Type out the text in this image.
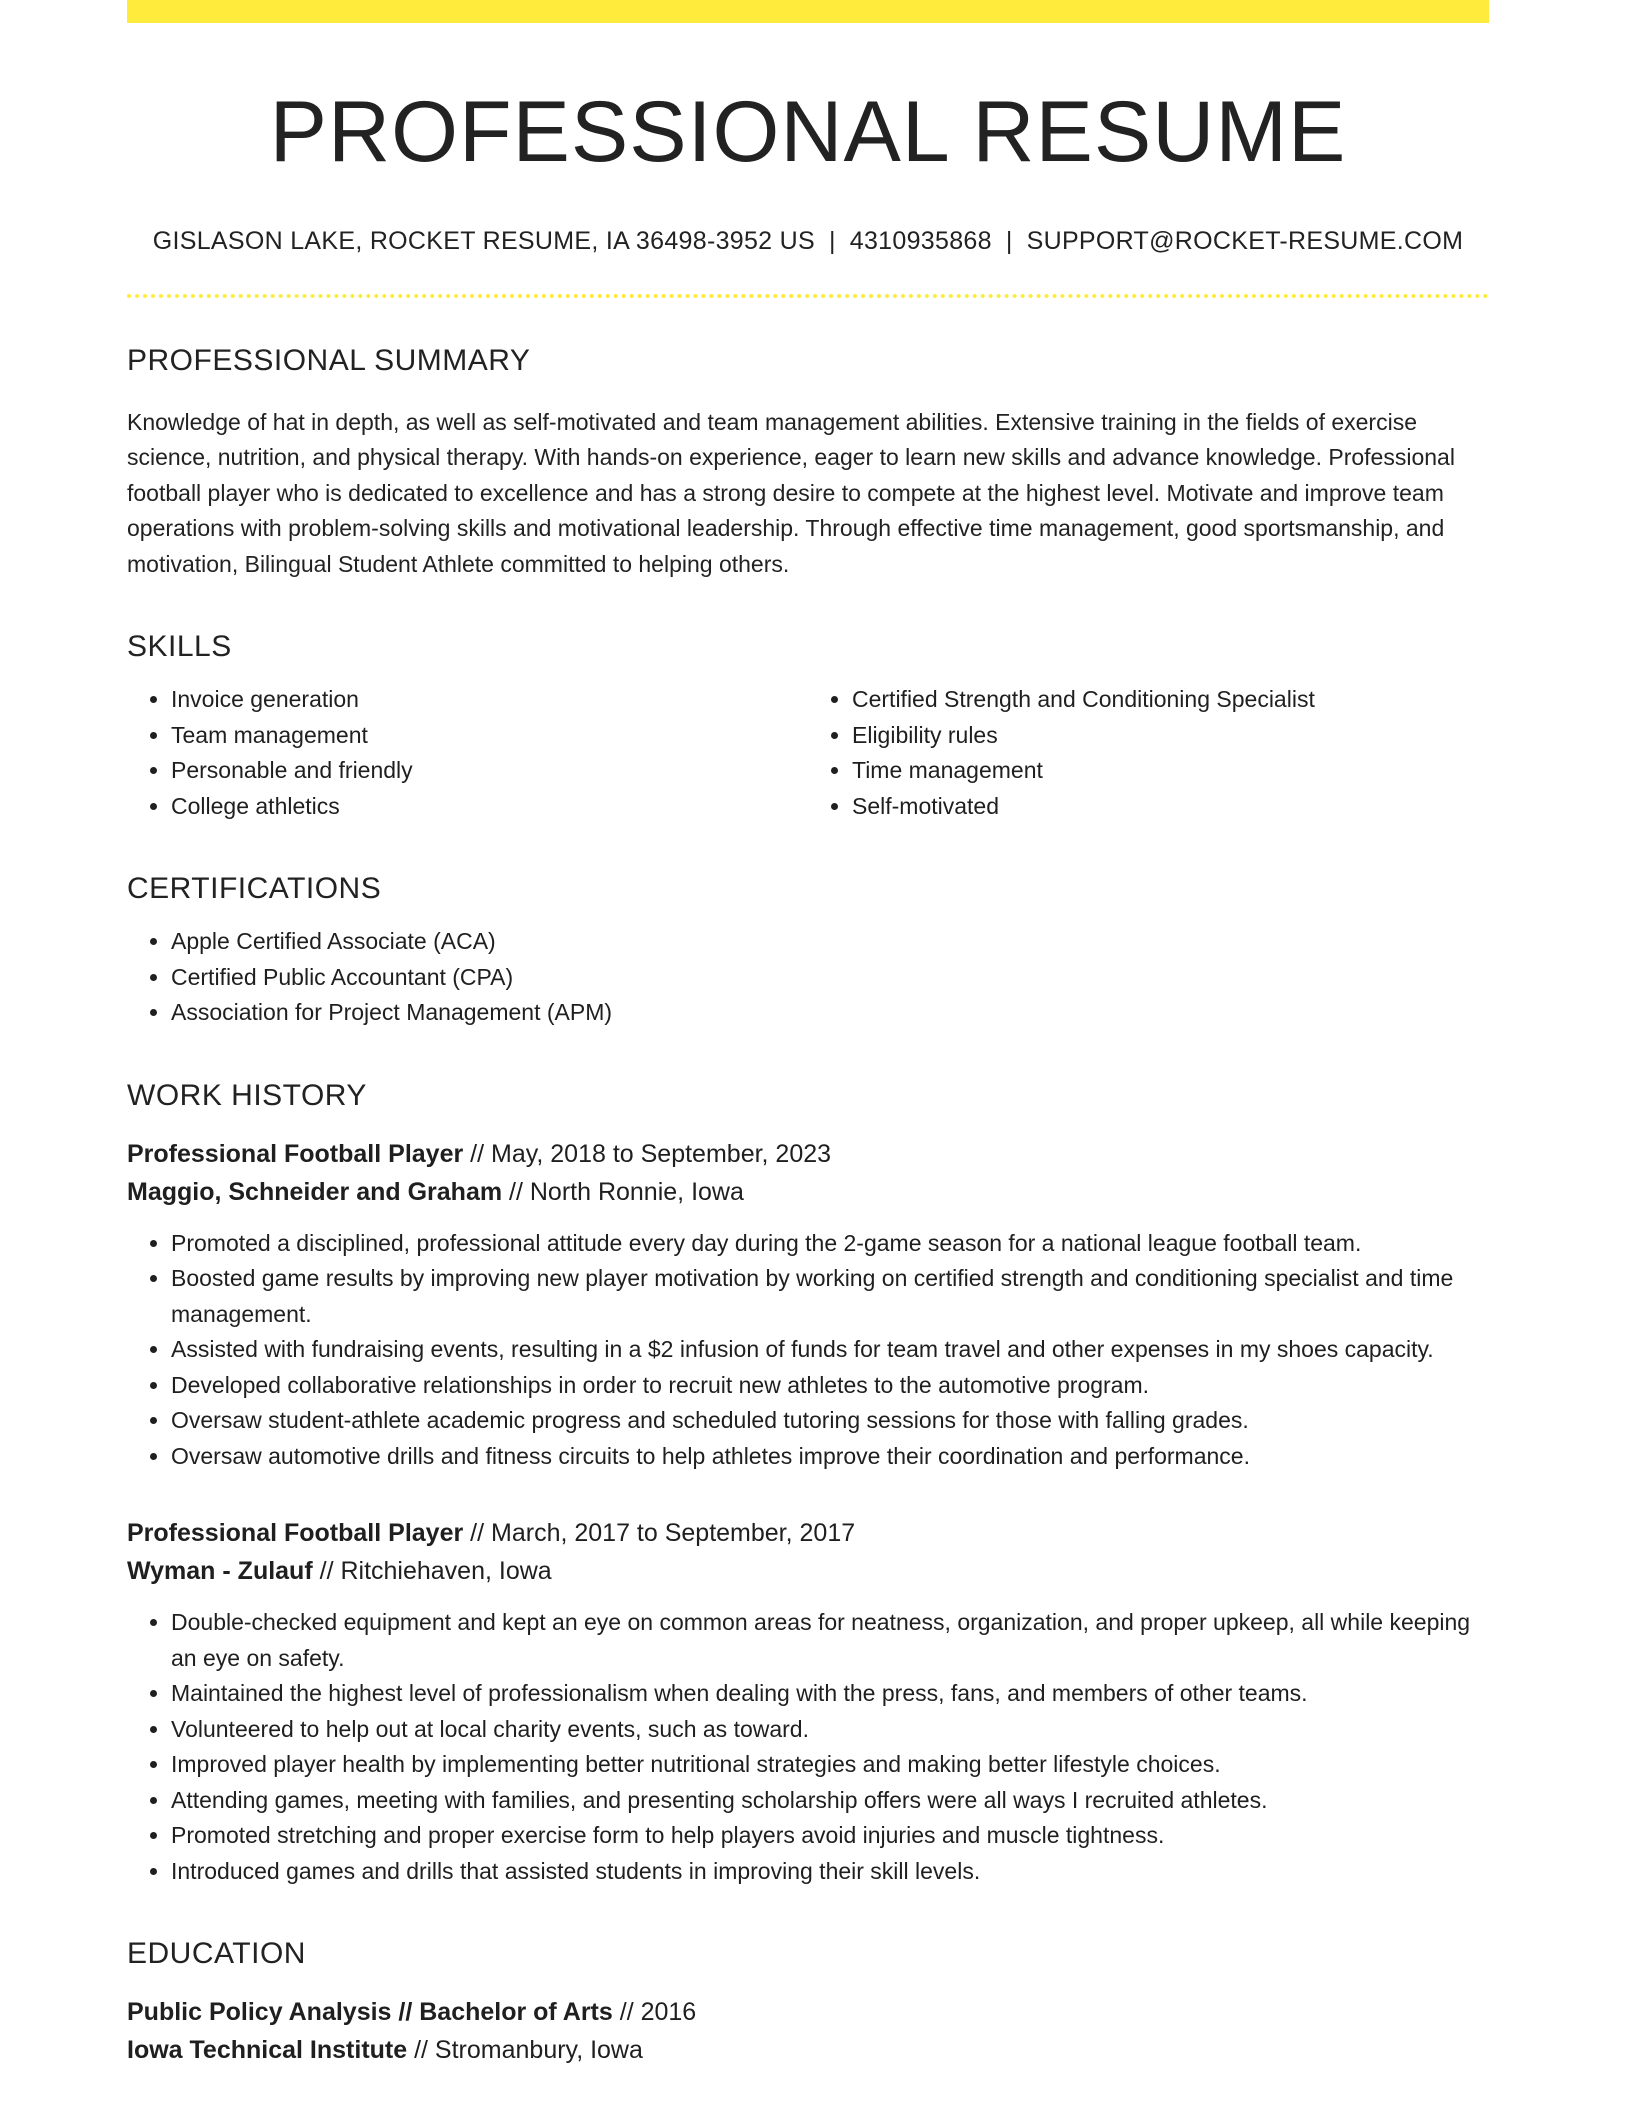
PROFESSIONAL RESUME
GISLASON LAKE, ROCKET RESUME, IA 36498-3952 US | 4310935868 | SUPPORT@ROCKET-RESUME.COM
PROFESSIONAL SUMMARY

Knowledge of hat in depth, as well as self-motivated and team management abilities. Extensive training in the fields of exercise science, nutrition, and physical therapy. With hands-on experience, eager to learn new skills and advance knowledge. Professional football player who is dedicated to excellence and has a strong desire to compete at the highest level. Motivate and improve team operations with problem-solving skills and motivational leadership. Through effective time management, good sportsmanship, and motivation, Bilingual Student Athlete committed to helping others.

SKILLS
• Invoice generation
• Team management
• Personable and friendly
• College athletics
• Certified Strength and Conditioning Specialist
• Eligibility rules
• Time management
• Self-motivated
CERTIFICATIONS
• Apple Certified Associate (ACA)
• Certified Public Accountant (CPA)
• Association for Project Management (APM)
WORK HISTORY
Professional Football Player // May, 2018 to September, 2023
Maggio, Schneider and Graham // North Ronnie, Iowa
• Promoted a disciplined, professional attitude every day during the 2-game season for a national league football team.
• Boosted game results by improving new player motivation by working on certified strength and conditioning specialist and time management.
• Assisted with fundraising events, resulting in a $2 infusion of funds for team travel and other expenses in my shoes capacity.
• Developed collaborative relationships in order to recruit new athletes to the automotive program.
• Oversaw student-athlete academic progress and scheduled tutoring sessions for those with falling grades.
• Oversaw automotive drills and fitness circuits to help athletes improve their coordination and performance.
Professional Football Player // March, 2017 to September, 2017
Wyman - Zulauf // Ritchiehaven, Iowa
• Double-checked equipment and kept an eye on common areas for neatness, organization, and proper upkeep, all while keeping an eye on safety.
• Maintained the highest level of professionalism when dealing with the press, fans, and members of other teams.
• Volunteered to help out at local charity events, such as toward.
• Improved player health by implementing better nutritional strategies and making better lifestyle choices.
• Attending games, meeting with families, and presenting scholarship offers were all ways I recruited athletes.
• Promoted stretching and proper exercise form to help players avoid injuries and muscle tightness.
• Introduced games and drills that assisted students in improving their skill levels.
EDUCATION
Public Policy Analysis // Bachelor of Arts // 2016
Iowa Technical Institute // Stromanbury, Iowa
